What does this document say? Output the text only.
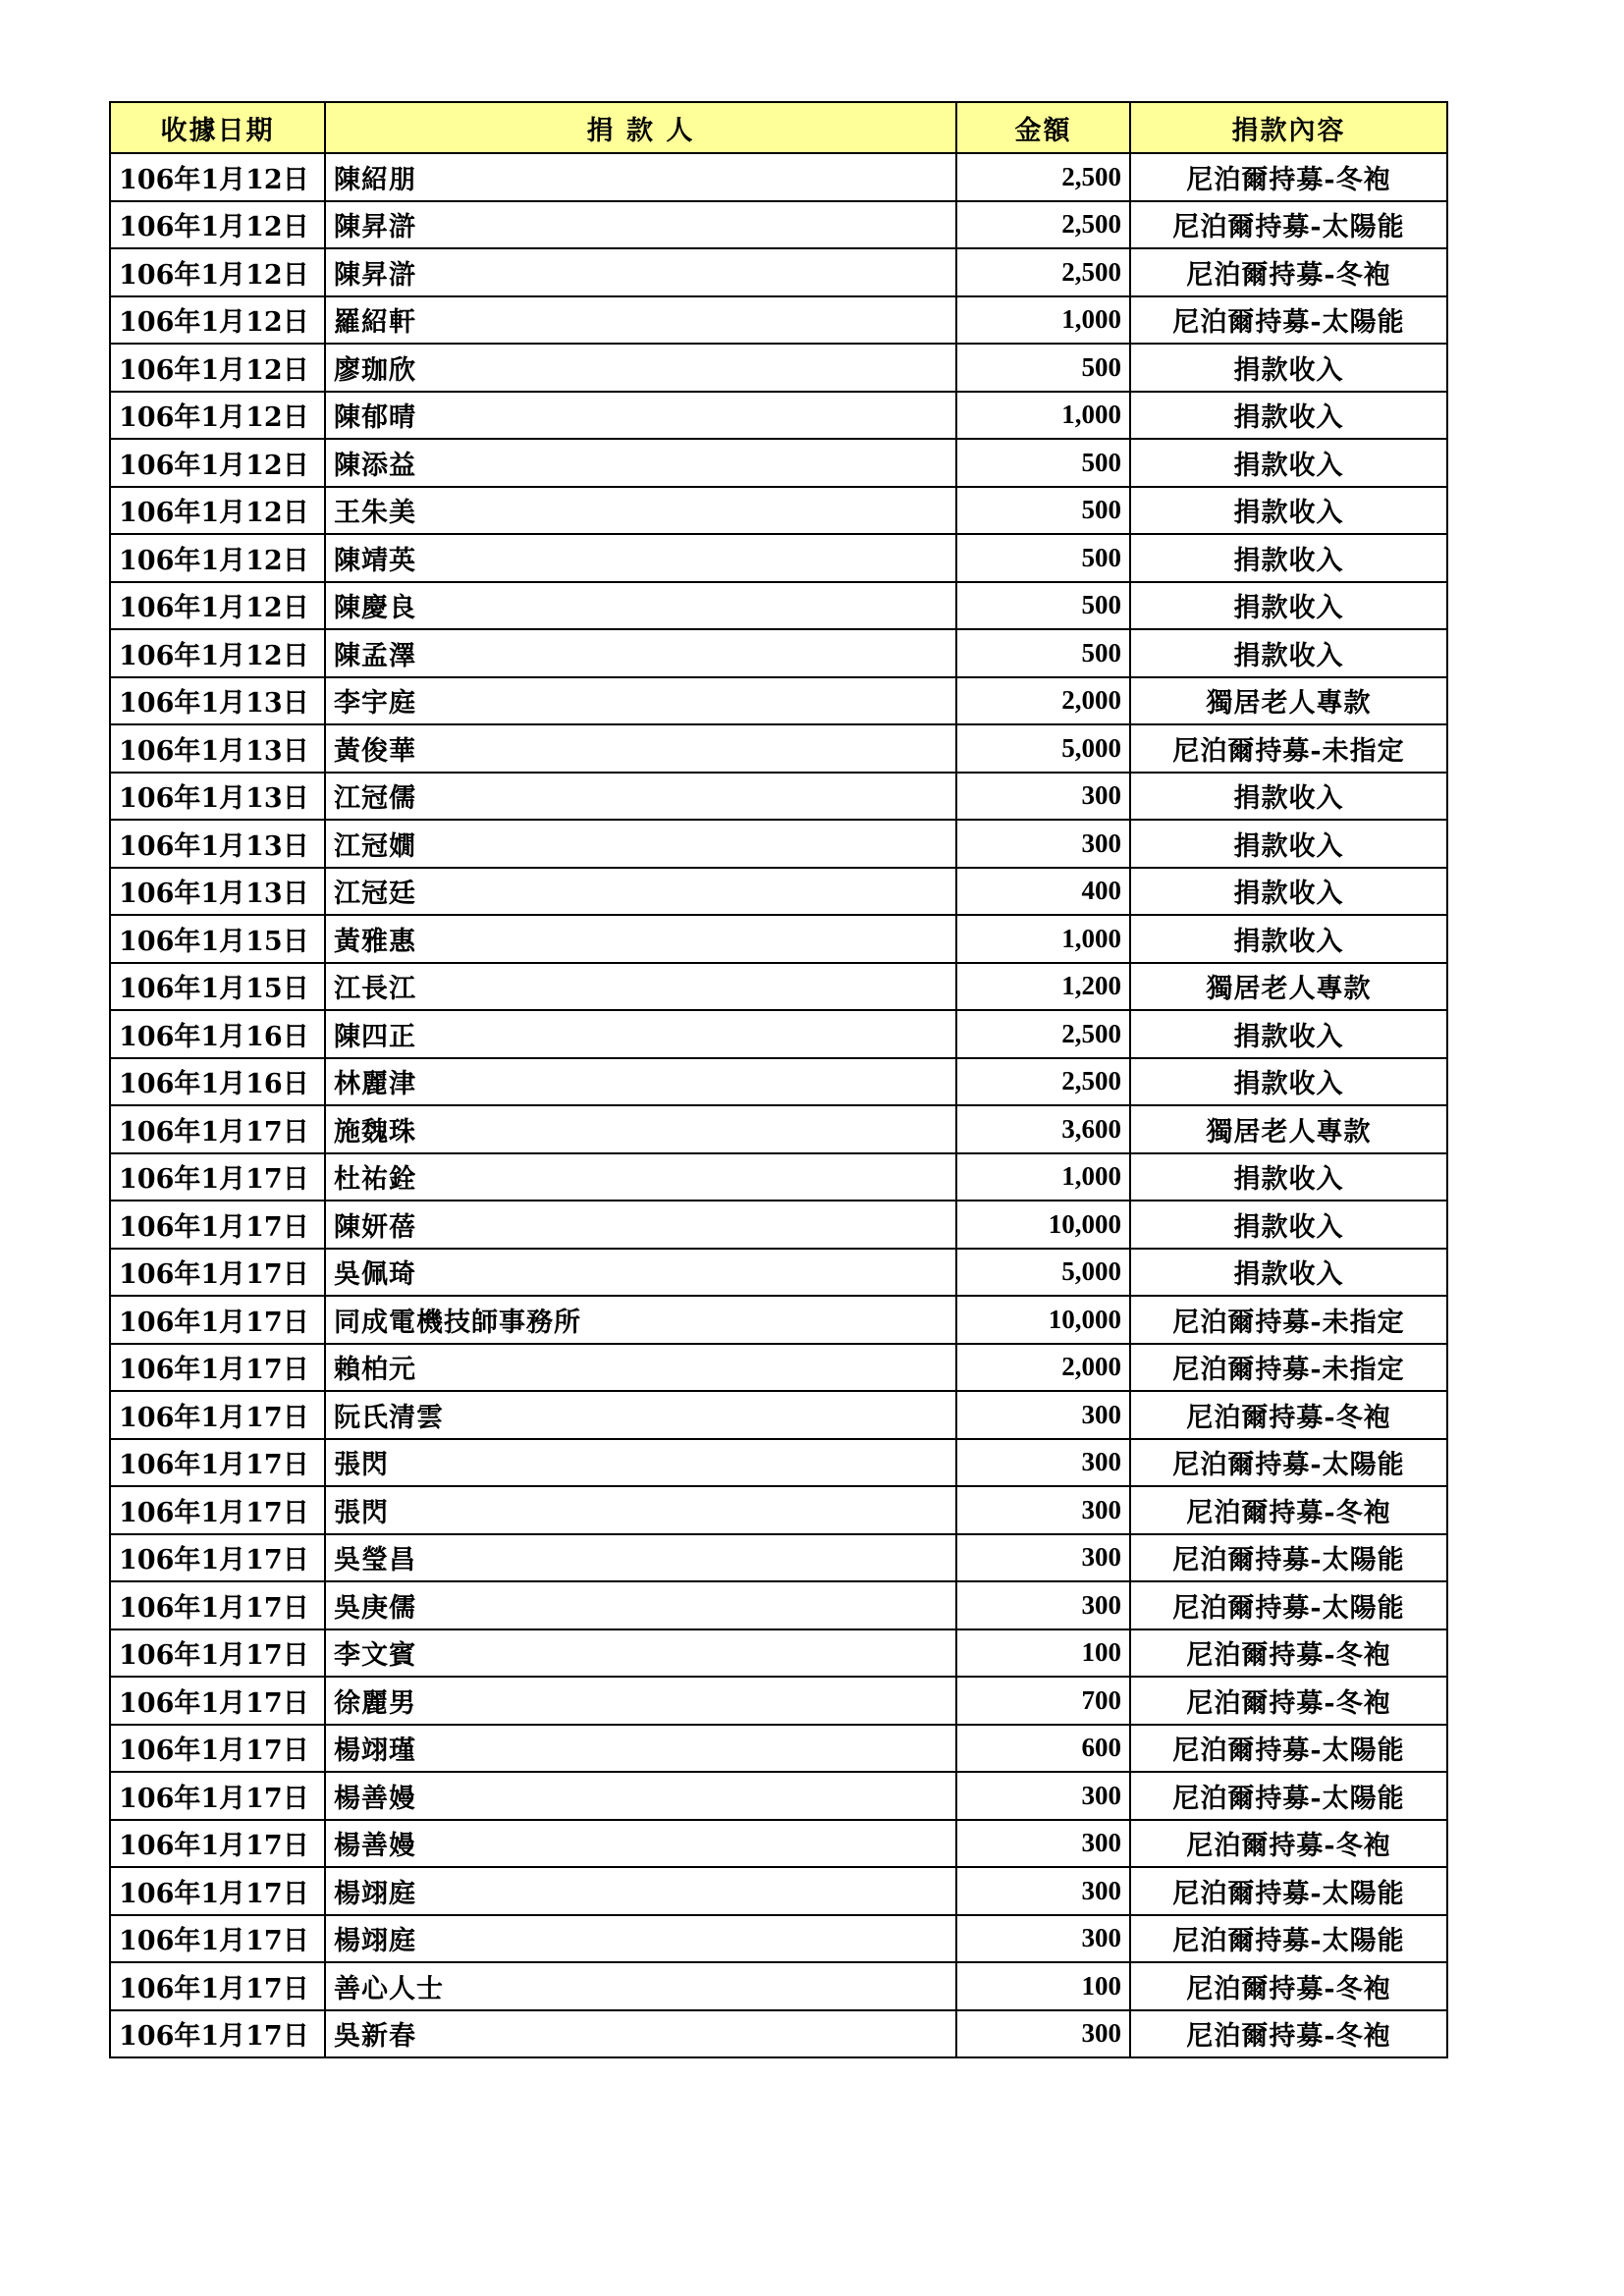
收據日期	捐 款 人	金額	捐款內容
106年1月12日	陳紹朋	2,500	尼泊爾持募-冬袍
106年1月12日	陳昇滸	2,500	尼泊爾持募-太陽能
106年1月12日	陳昇滸	2,500	尼泊爾持募-冬袍
106年1月12日	羅紹軒	1,000	尼泊爾持募-太陽能
106年1月12日	廖珈欣	500	捐款收入
106年1月12日	陳郁晴	1,000	捐款收入
106年1月12日	陳添益	500	捐款收入
106年1月12日	王朱美	500	捐款收入
106年1月12日	陳靖英	500	捐款收入
106年1月12日	陳慶良	500	捐款收入
106年1月12日	陳孟澤	500	捐款收入
106年1月13日	李宇庭	2,000	獨居老人專款
106年1月13日	黃俊華	5,000	尼泊爾持募-未指定
106年1月13日	江冠儒	300	捐款收入
106年1月13日	江冠嫺	300	捐款收入
106年1月13日	江冠廷	400	捐款收入
106年1月15日	黃雅惠	1,000	捐款收入
106年1月15日	江長江	1,200	獨居老人專款
106年1月16日	陳四正	2,500	捐款收入
106年1月16日	林麗津	2,500	捐款收入
106年1月17日	施魏珠	3,600	獨居老人專款
106年1月17日	杜祐銓	1,000	捐款收入
106年1月17日	陳妍蓓	10,000	捐款收入
106年1月17日	吳佩琦	5,000	捐款收入
106年1月17日	同成電機技師事務所	10,000	尼泊爾持募-未指定
106年1月17日	賴柏元	2,000	尼泊爾持募-未指定
106年1月17日	阮氏清雲	300	尼泊爾持募-冬袍
106年1月17日	張閃	300	尼泊爾持募-太陽能
106年1月17日	張閃	300	尼泊爾持募-冬袍
106年1月17日	吳瑩昌	300	尼泊爾持募-太陽能
106年1月17日	吳庚儒	300	尼泊爾持募-太陽能
106年1月17日	李文賓	100	尼泊爾持募-冬袍
106年1月17日	徐麗男	700	尼泊爾持募-冬袍
106年1月17日	楊翊瑾	600	尼泊爾持募-太陽能
106年1月17日	楊善嫚	300	尼泊爾持募-太陽能
106年1月17日	楊善嫚	300	尼泊爾持募-冬袍
106年1月17日	楊翊庭	300	尼泊爾持募-太陽能
106年1月17日	楊翊庭	300	尼泊爾持募-太陽能
106年1月17日	善心人士	100	尼泊爾持募-冬袍
106年1月17日	吳新春	300	尼泊爾持募-冬袍
